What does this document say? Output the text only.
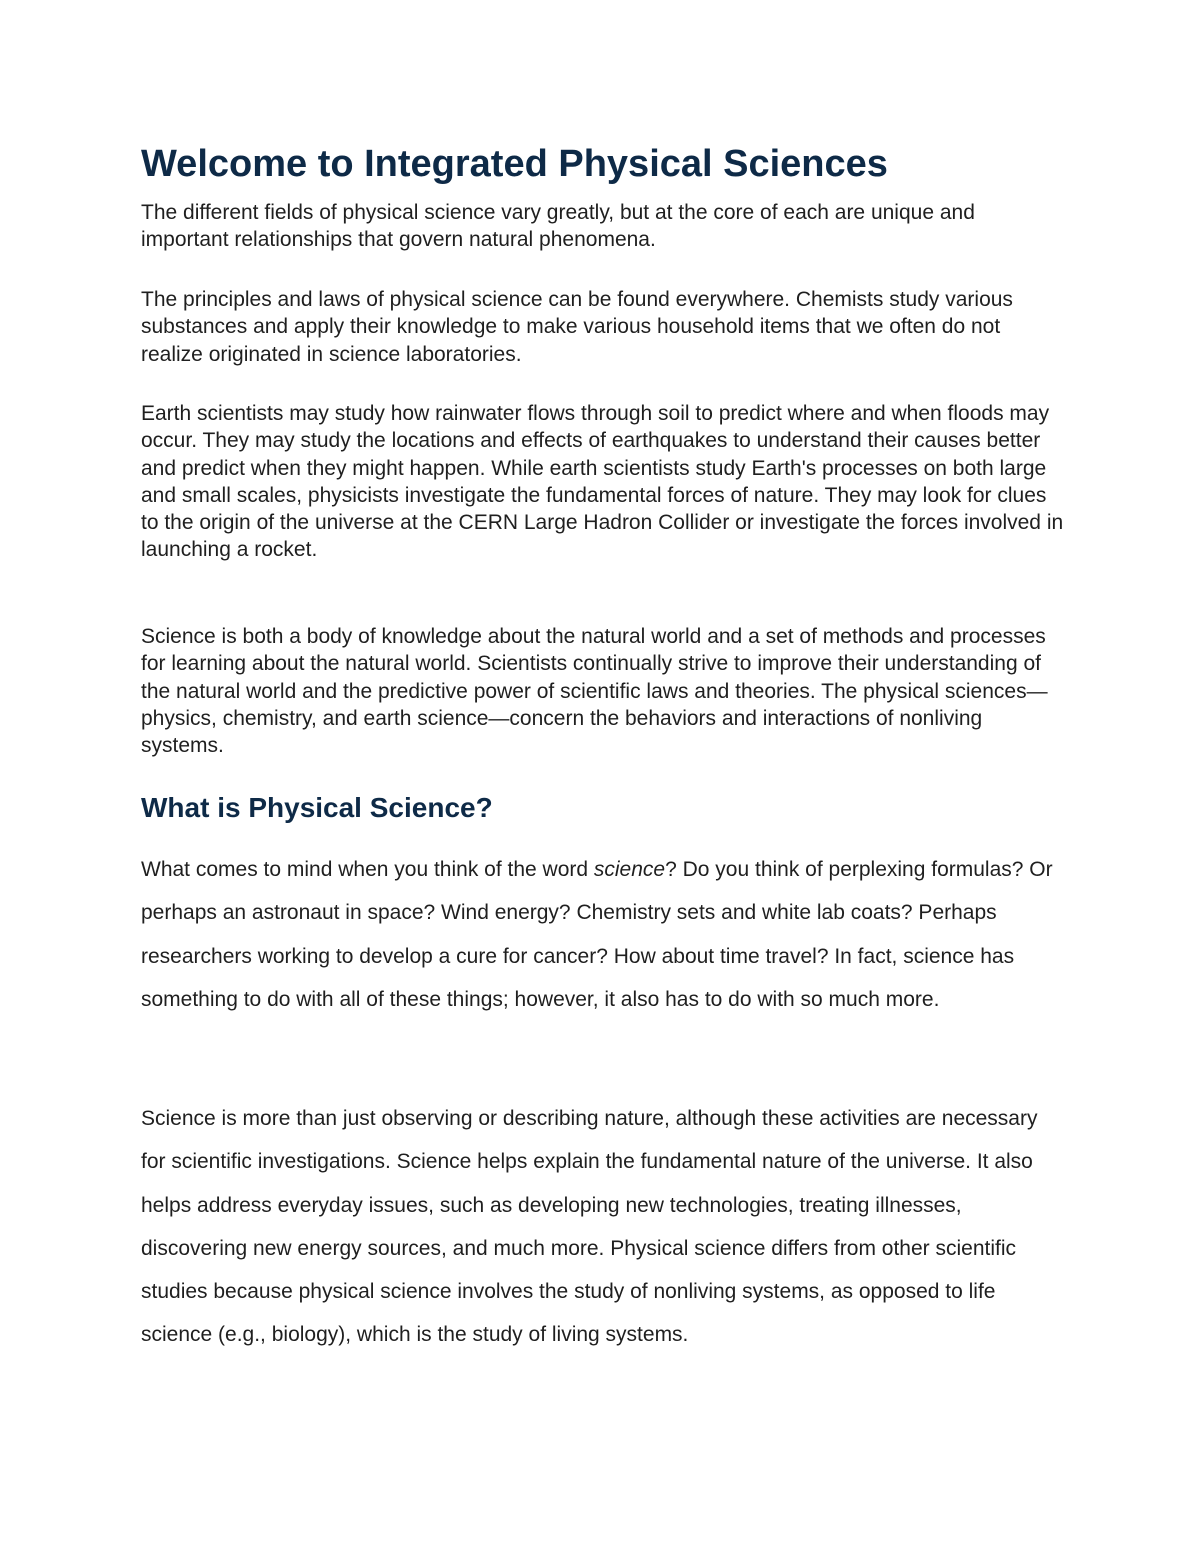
Welcome to Integrated Physical Sciences

The different fields of physical science vary greatly, but at the core of each are unique and important relationships that govern natural phenomena.

The principles and laws of physical science can be found everywhere. Chemists study various substances and apply their knowledge to make various household items that we often do not realize originated in science laboratories.

Earth scientists may study how rainwater flows through soil to predict where and when floods may occur. They may study the locations and effects of earthquakes to understand their causes better and predict when they might happen. While earth scientists study Earth's processes on both large and small scales, physicists investigate the fundamental forces of nature. They may look for clues to the origin of the universe at the CERN Large Hadron Collider or investigate the forces involved in launching a rocket.

Science is both a body of knowledge about the natural world and a set of methods and processes for learning about the natural world. Scientists continually strive to improve their understanding of the natural world and the predictive power of scientific laws and theories. The physical sciences—physics, chemistry, and earth science—concern the behaviors and interactions of nonliving systems.

What is Physical Science?

What comes to mind when you think of the word science? Do you think of perplexing formulas? Or perhaps an astronaut in space? Wind energy? Chemistry sets and white lab coats? Perhaps researchers working to develop a cure for cancer? How about time travel? In fact, science has something to do with all of these things; however, it also has to do with so much more.

Science is more than just observing or describing nature, although these activities are necessary for scientific investigations. Science helps explain the fundamental nature of the universe. It also helps address everyday issues, such as developing new technologies, treating illnesses, discovering new energy sources, and much more. Physical science differs from other scientific studies because physical science involves the study of nonliving systems, as opposed to life science (e.g., biology), which is the study of living systems.
